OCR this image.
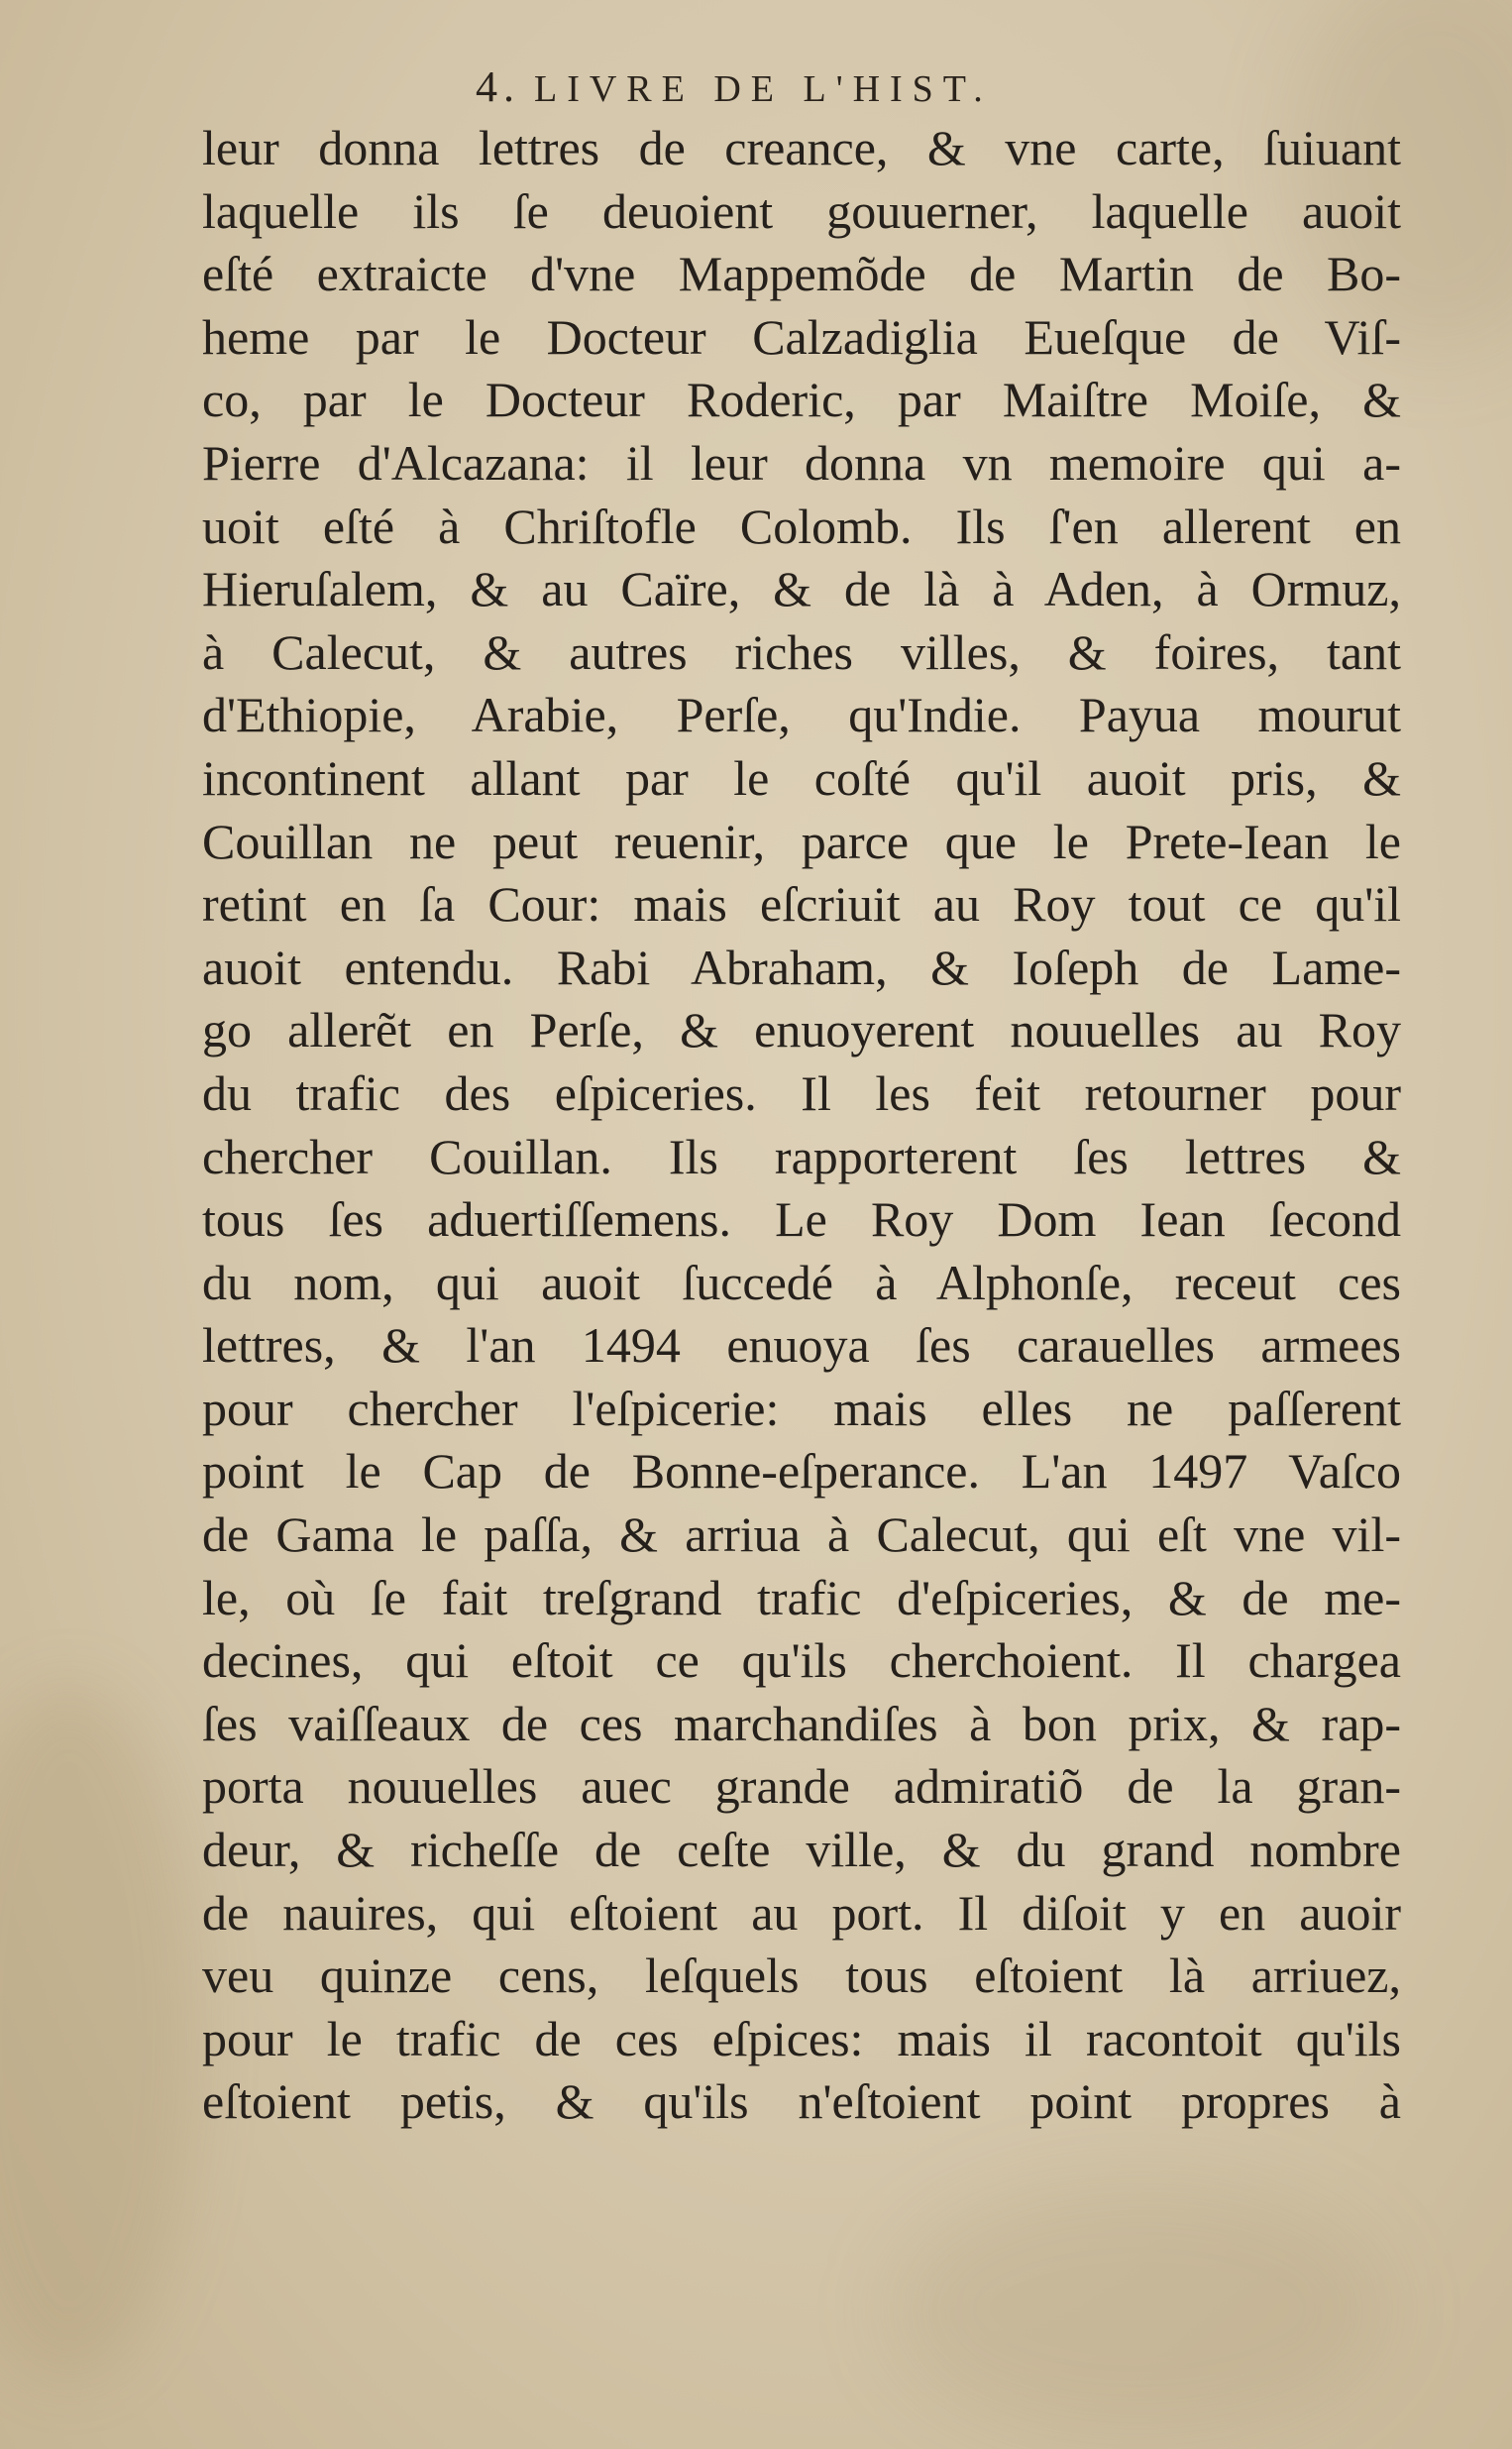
4. LIVRE DE L'HIST.
leur donna lettres de creance, & vne carte, ſuiuant
laquelle ils ſe deuoient gouuerner, laquelle auoit
eſté extraicte d'vne Mappemõde de Martin de Bo-
heme par le Docteur Calzadiglia Eueſque de Viſ-
co, par le Docteur Roderic, par Maiſtre Moiſe, &
Pierre d'Alcazana: il leur donna vn memoire qui a-
uoit eſté à Chriſtofle Colomb. Ils ſ'en allerent en
Hieruſalem, & au Caïre, & de là à Aden, à Ormuz,
à Calecut, & autres riches villes, & foires, tant
d'Ethiopie, Arabie, Perſe, qu'Indie. Payua mourut
incontinent allant par le coſté qu'il auoit pris, &
Couillan ne peut reuenir, parce que le Prete-Iean le
retint en ſa Cour: mais eſcriuit au Roy tout ce qu'il
auoit entendu. Rabi Abraham, & Ioſeph de Lame-
go allerẽt en Perſe, & enuoyerent nouuelles au Roy
du trafic des eſpiceries. Il les feit retourner pour
chercher Couillan. Ils rapporterent ſes lettres &
tous ſes aduertiſſemens. Le Roy Dom Iean ſecond
du nom, qui auoit ſuccedé à Alphonſe, receut ces
lettres, & l'an 1494 enuoya ſes carauelles armees
pour chercher l'eſpicerie: mais elles ne paſſerent
point le Cap de Bonne-eſperance. L'an 1497 Vaſco
de Gama le paſſa, & arriua à Calecut, qui eſt vne vil-
le, où ſe fait treſgrand trafic d'eſpiceries, & de me-
decines, qui eſtoit ce qu'ils cherchoient. Il chargea
ſes vaiſſeaux de ces marchandiſes à bon prix, & rap-
porta nouuelles auec grande admiratiõ de la gran-
deur, & richeſſe de ceſte ville, & du grand nombre
de nauires, qui eſtoient au port. Il diſoit y en auoir
veu quinze cens, leſquels tous eſtoient là arriuez,
pour le trafic de ces eſpices: mais il racontoit qu'ils
eſtoient petis, & qu'ils n'eſtoient point propres à
